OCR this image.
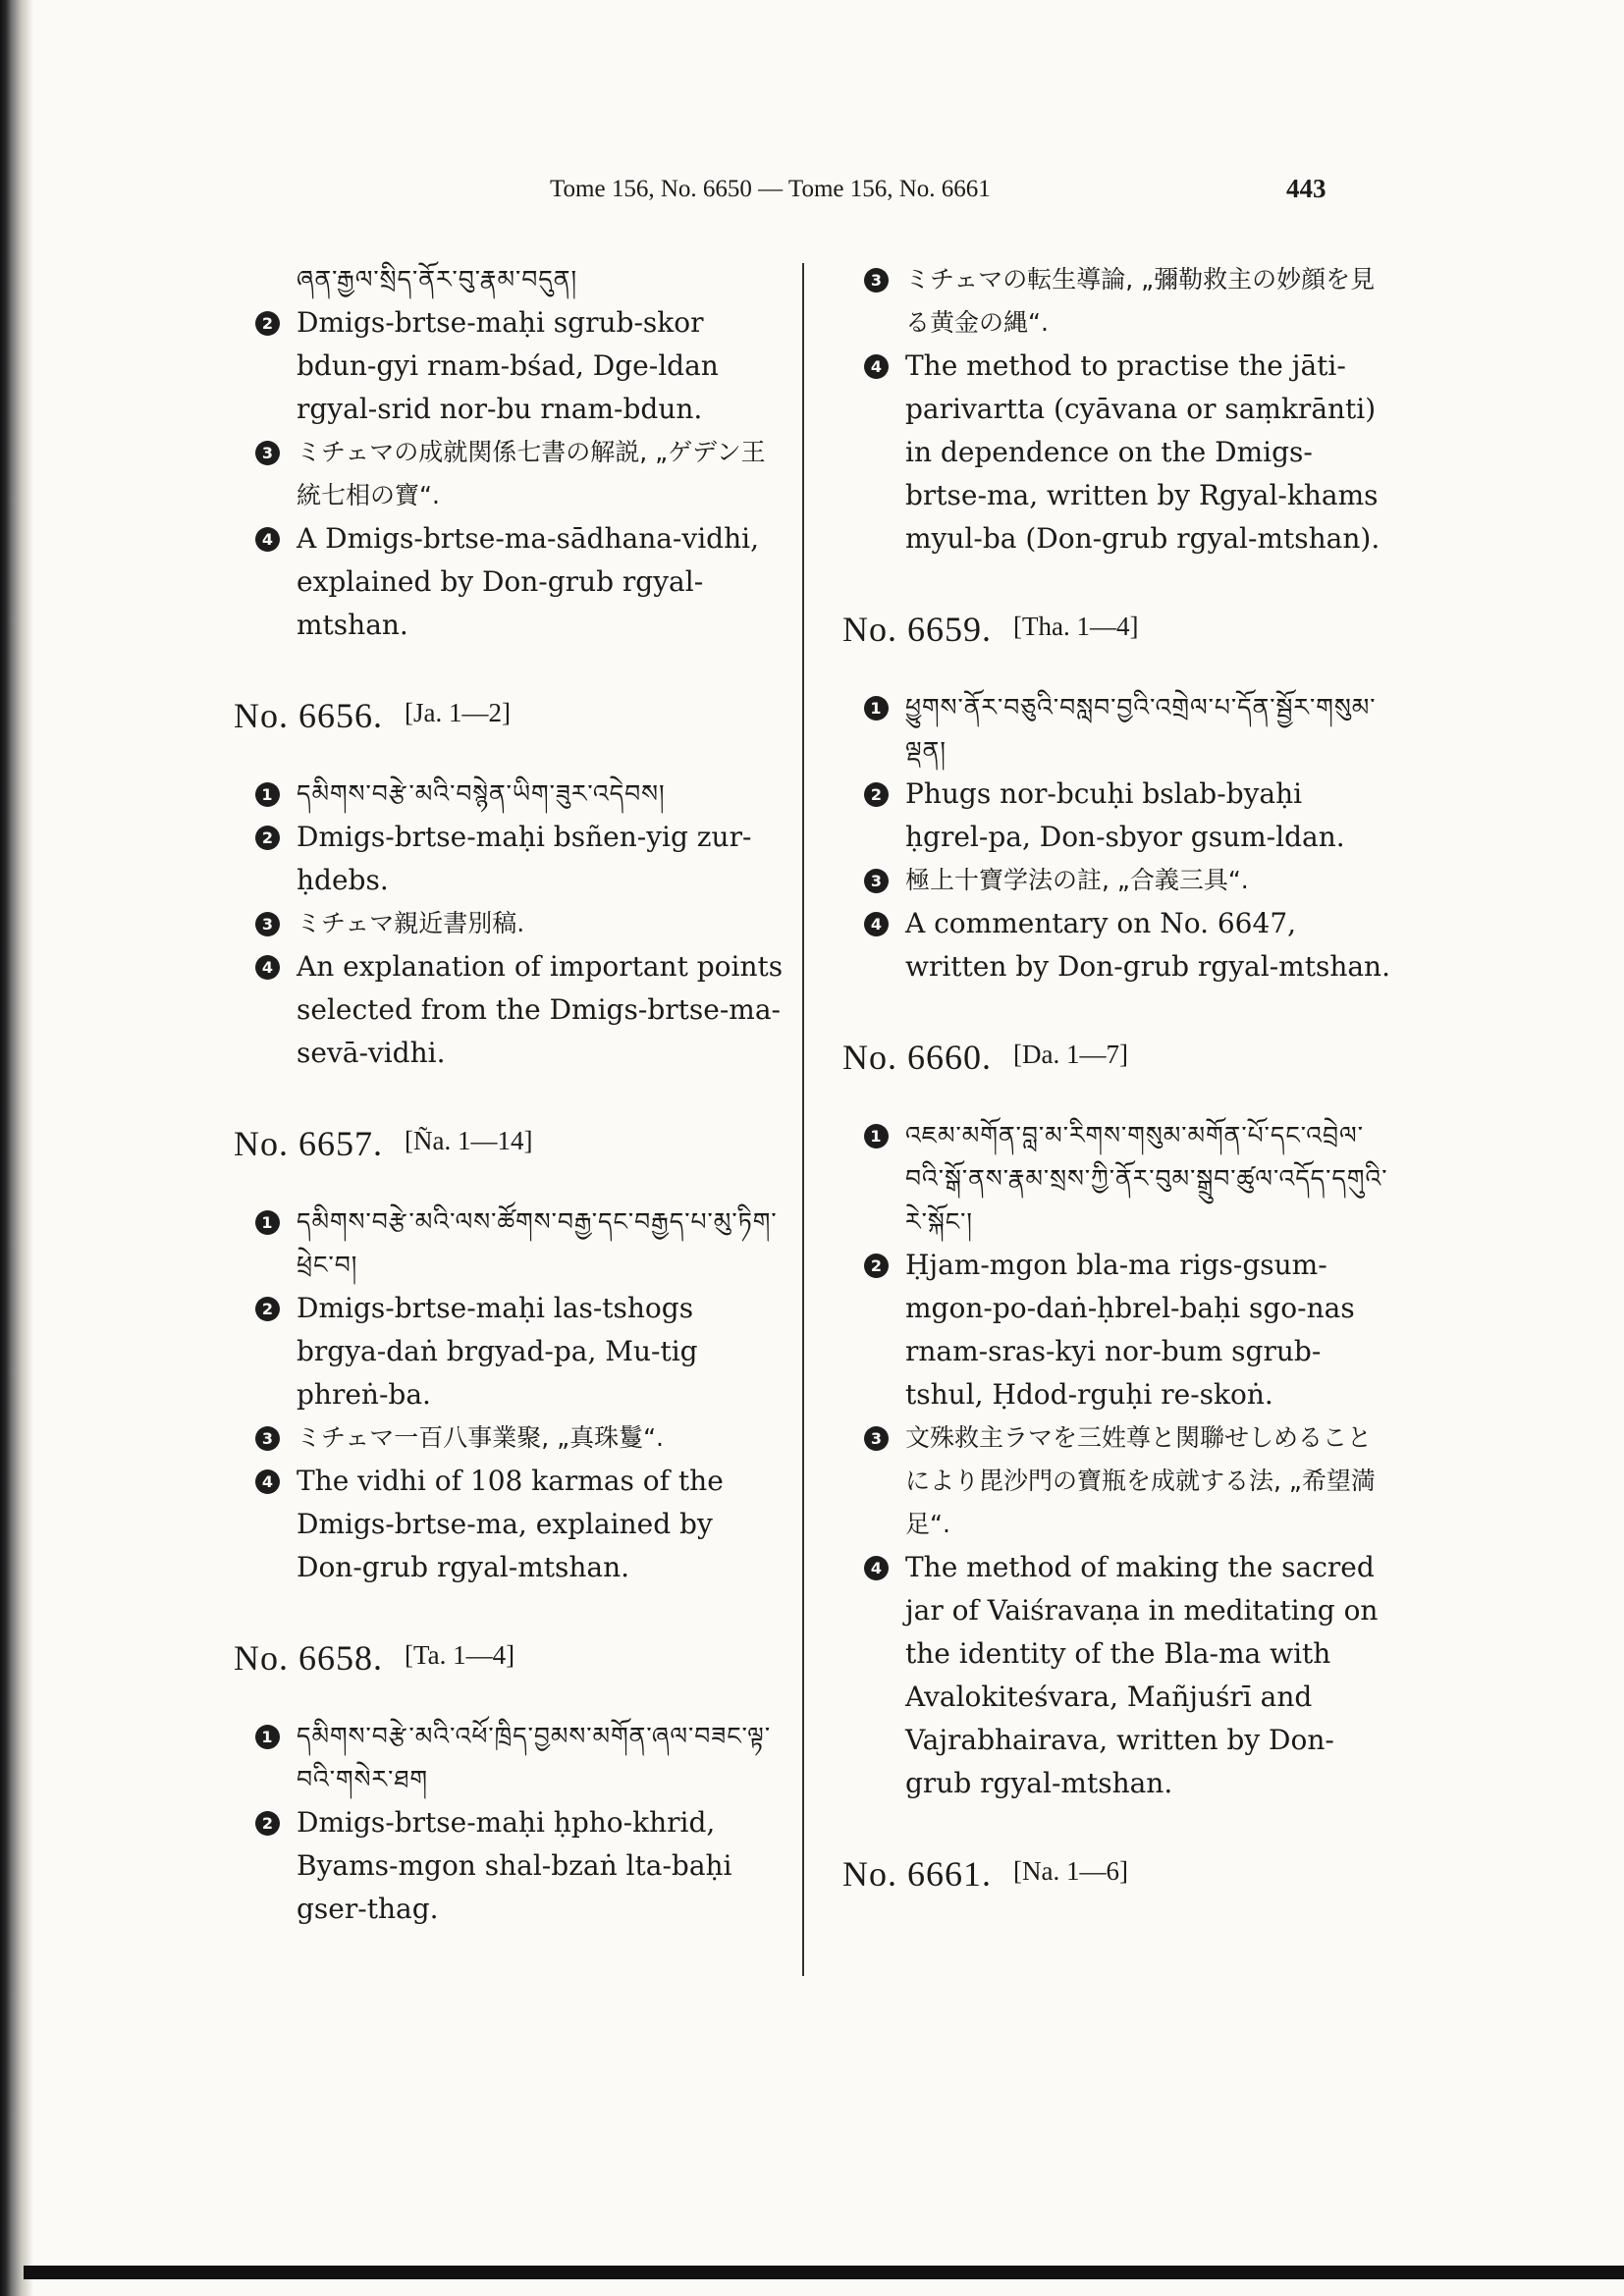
Tome 156, No. 6650 — Tome 156, No. 6661	443

ཞན་རྒྱལ་སྲིད་ནོར་བུ་རྣམ་བདུན།

2 Dmigs-brtse-maḥi sgrub-skor bdun-gyi rnam-bśad, Dge-ldan rgyal-srid nor-bu rnam-bdun.

3 ミチェマの成就関係七書の解説, „ゲデン王統七相の寶“.

4 A Dmigs-brtse-ma-sādhana-vidhi, explained by Don-grub rgyal-mtshan.

No. 6656. [Ja. 1—2]

1 དམིགས་བརྩེ་མའི་བསྙེན་ཡིག་ཟུར་འདེབས།

2 Dmigs-brtse-maḥi bsñen-yig zur-ḥdebs.

3 ミチェマ親近書別稿.

4 An explanation of important points selected from the Dmigs-brtse-ma-sevā-vidhi.

No. 6657. [Ña. 1—14]

1 དམིགས་བརྩེ་མའི་ལས་ཚོགས་བརྒྱ་དང་བརྒྱད་པ་མུ་ཏིག་ཕྲེང་བ།

2 Dmigs-brtse-maḥi las-tshogs brgya-daṅ brgyad-pa, Mu-tig phreṅ-ba.

3 ミチェマ一百八事業聚, „真珠鬘“.

4 The vidhi of 108 karmas of the Dmigs-brtse-ma, explained by Don-grub rgyal-mtshan.

No. 6658. [Ta. 1—4]

1 དམིགས་བརྩེ་མའི་འཕོ་ཁྲིད་བྱམས་མགོན་ཞལ་བཟང་ལྟ་བའི་གསེར་ཐག

2 Dmigs-brtse-maḥi ḥpho-khrid, Byams-mgon shal-bzaṅ lta-baḥi gser-thag.

3 ミチェマの転生導論, „彌勒救主の妙顔を見る黄金の縄“.

4 The method to practise the jāti-parivartta (cyāvana or saṃkrānti) in dependence on the Dmigs-brtse-ma, written by Rgyal-khams myul-ba (Don-grub rgyal-mtshan).

No. 6659. [Tha. 1—4]

1 ཕྱུགས་ནོར་བཅུའི་བསླབ་བྱའི་འགྲེལ་པ་དོན་སྦྱོར་གསུམ་ལྡན།

2 Phugs nor-bcuḥi bslab-byaḥi ḥgrel-pa, Don-sbyor gsum-ldan.

3 極上十寶学法の註, „合義三具“.

4 A commentary on No. 6647, written by Don-grub rgyal-mtshan.

No. 6660. [Da. 1—7]

1 འཇམ་མགོན་བླ་མ་རིགས་གསུམ་མགོན་པོ་དང་འབྲེལ་བའི་སྒོ་ནས་རྣམ་སྲས་ཀྱི་ནོར་བུམ་སྒྲུབ་ཚུལ་འདོད་དགུའི་རེ་སྐོང་།

2 Ḥjam-mgon bla-ma rigs-gsum-mgon-po-daṅ-ḥbrel-baḥi sgo-nas rnam-sras-kyi nor-bum sgrub-tshul, Ḥdod-rguḥi re-skoṅ.

3 文殊救主ラマを三姓尊と関聯せしめることにより毘沙門の寶瓶を成就する法, „希望満足“.

4 The method of making the sacred jar of Vaiśravaṇa in meditating on the identity of the Bla-ma with Avalokiteśvara, Mañjuśrī and Vajrabhairava, written by Don-grub rgyal-mtshan.

No. 6661. [Na. 1—6]
